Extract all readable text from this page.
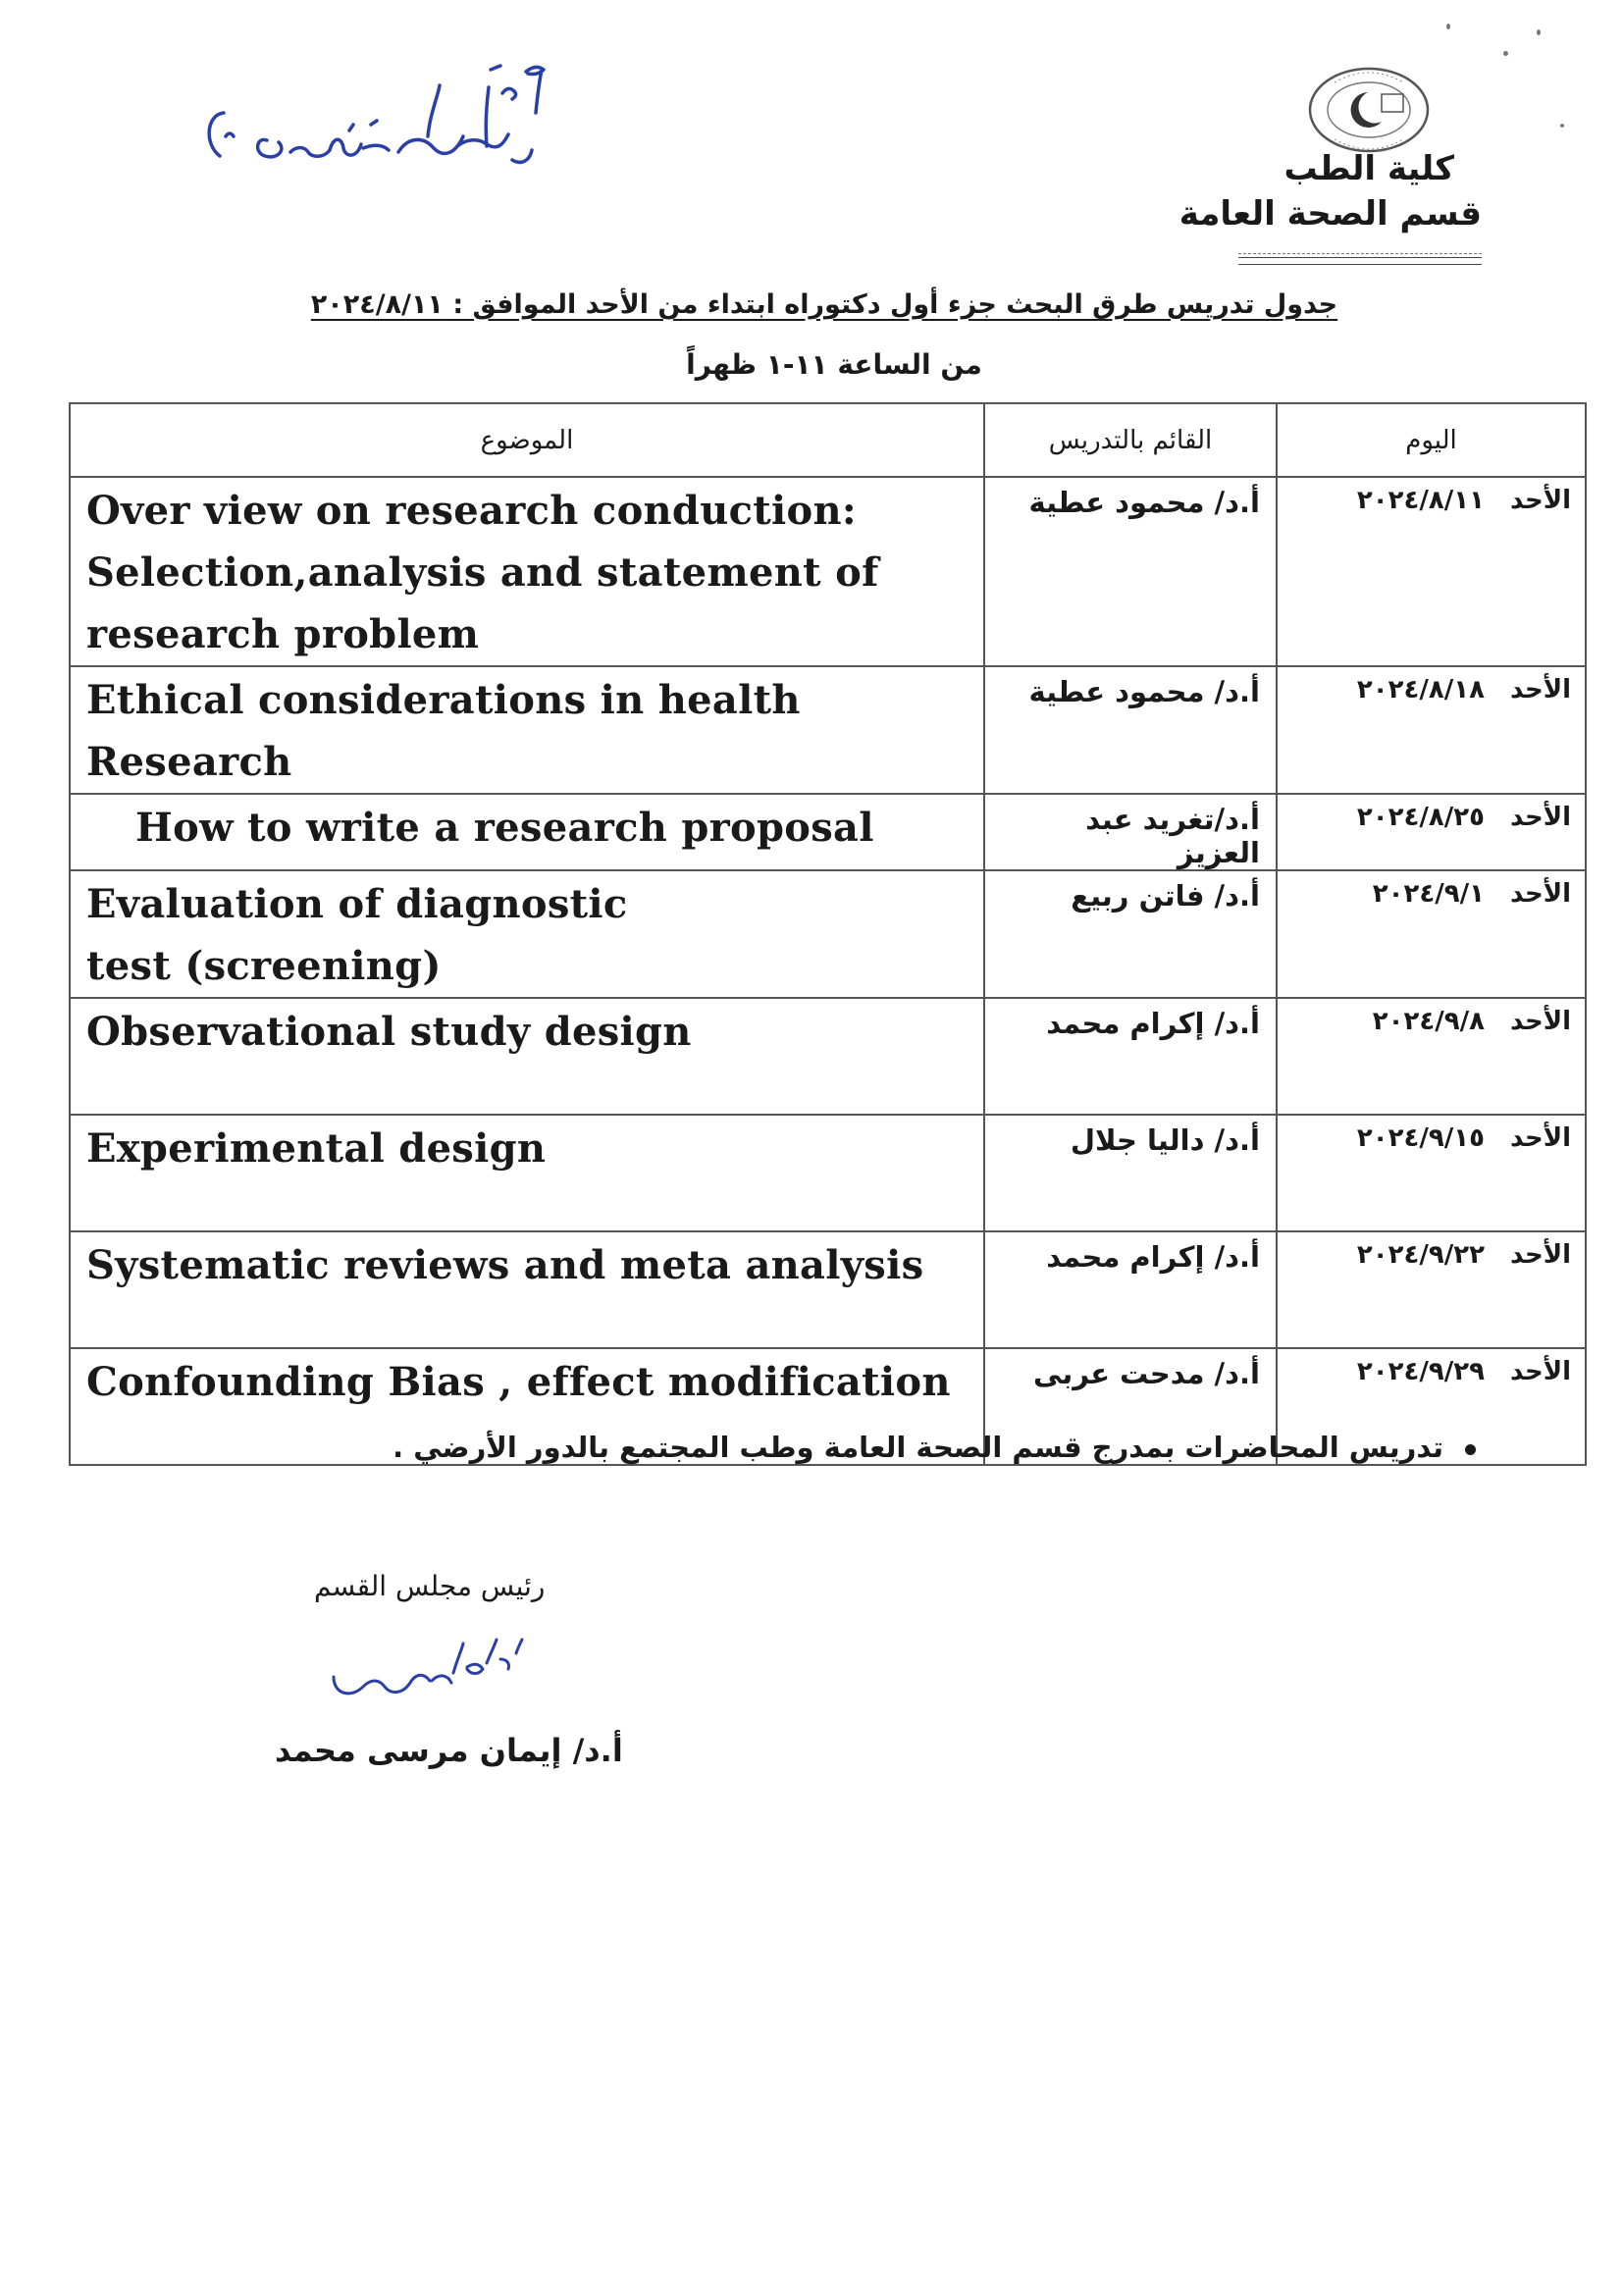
كلية الطب
قسم الصحة العامة
جدول تدريس طرق البحث جزء أول دكتوراه ابتداء من الأحد الموافق : ٢٠٢٤/٨/١١
من الساعة ١١-١ ظهراً
الموضوع	القائم بالتدريس	اليوم
Over view on research conduction: Selection,analysis and statement of research problem	أ.د/ محمود عطية	الأحد٢٠٢٤/٨/١١
Ethical considerations in health Research	أ.د/ محمود عطية	الأحد٢٠٢٤/٨/١٨
How to write a research proposal	أ.د/تغريد عبد العزيز	الأحد٢٠٢٤/٨/٢٥
Evaluation of diagnostic test (screening)	أ.د/ فاتن ربيع	الأحد٢٠٢٤/٩/١
Observational study design	أ.د/ إكرام محمد	الأحد٢٠٢٤/٩/٨
Experimental design	أ.د/ داليا جلال	الأحد٢٠٢٤/٩/١٥
Systematic reviews and meta analysis	أ.د/ إكرام محمد	الأحد٢٠٢٤/٩/٢٢
Confounding Bias , effect modification	أ.د/ مدحت عربى	الأحد٢٠٢٤/٩/٢٩
تدريس المحاضرات بمدرج قسم الصحة العامة وطب المجتمع بالدور الأرضي .
رئيس مجلس القسم
أ.د/ إيمان مرسى محمد
